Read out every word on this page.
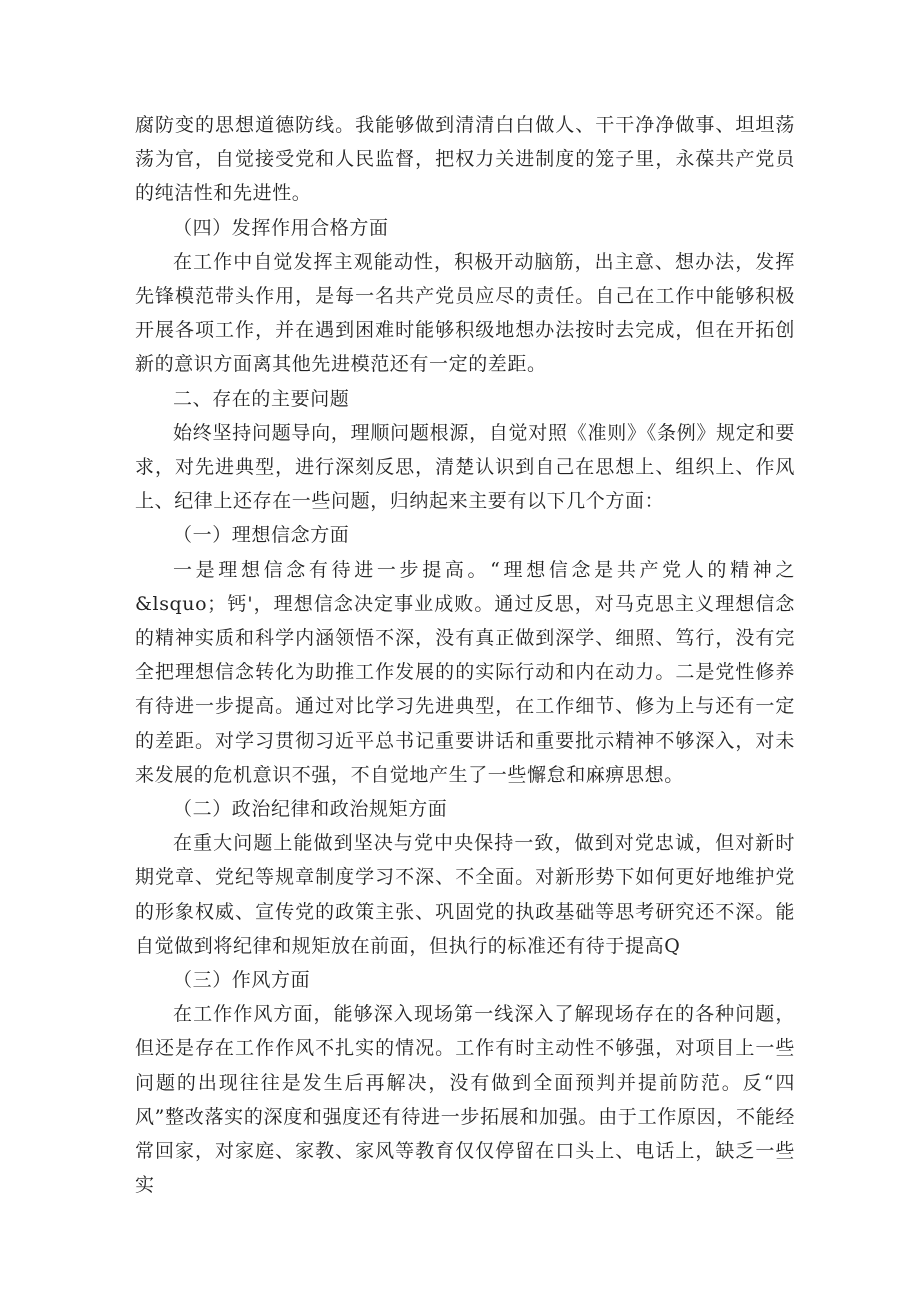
腐防变的思想道德防线。我能够做到清清白白做人、干干净净做事、坦坦荡荡为官，自觉接受党和人民监督，把权力关进制度的笼子里，永葆共产党员的纯洁性和先进性。

（四）发挥作用合格方面

在工作中自觉发挥主观能动性，积极开动脑筋，出主意、想办法，发挥先锋模范带头作用，是每一名共产党员应尽的责任。自己在工作中能够积极开展各项工作，并在遇到困难时能够积级地想办法按时去完成，但在开拓创新的意识方面离其他先进模范还有一定的差距。

二、存在的主要问题

始终坚持问题导向，理顺问题根源，自觉对照《准则》《条例》规定和要求，对先进典型，进行深刻反思，清楚认识到自己在思想上、组织上、作风上、纪律上还存在一些问题，归纳起来主要有以下几个方面：

（一）理想信念方面

一是理想信念有待进一步提高。“理想信念是共产党人的精神之&lsquo；钙'，理想信念决定事业成败。通过反思，对马克思主义理想信念的精神实质和科学内涵领悟不深，没有真正做到深学、细照、笃行，没有完全把理想信念转化为助推工作发展的的实际行动和内在动力。二是党性修养有待进一步提高。通过对比学习先进典型，在工作细节、修为上与还有一定的差距。对学习贯彻习近平总书记重要讲话和重要批示精神不够深入，对未来发展的危机意识不强，不自觉地产生了一些懈怠和麻痹思想。

（二）政治纪律和政治规矩方面

在重大问题上能做到坚决与党中央保持一致，做到对党忠诚，但对新时期党章、党纪等规章制度学习不深、不全面。对新形势下如何更好地维护党的形象权威、宣传党的政策主张、巩固党的执政基础等思考研究还不深。能自觉做到将纪律和规矩放在前面，但执行的标准还有待于提高Q

（三）作风方面

在工作作风方面，能够深入现场第一线深入了解现场存在的各种问题，但还是存在工作作风不扎实的情况。工作有时主动性不够强，对项目上一些问题的出现往往是发生后再解决，没有做到全面预判并提前防范。反“四风”整改落实的深度和强度还有待进一步拓展和加强。由于工作原因，不能经常回家，对家庭、家教、家风等教育仅仅停留在口头上、电话上，缺乏一些实
